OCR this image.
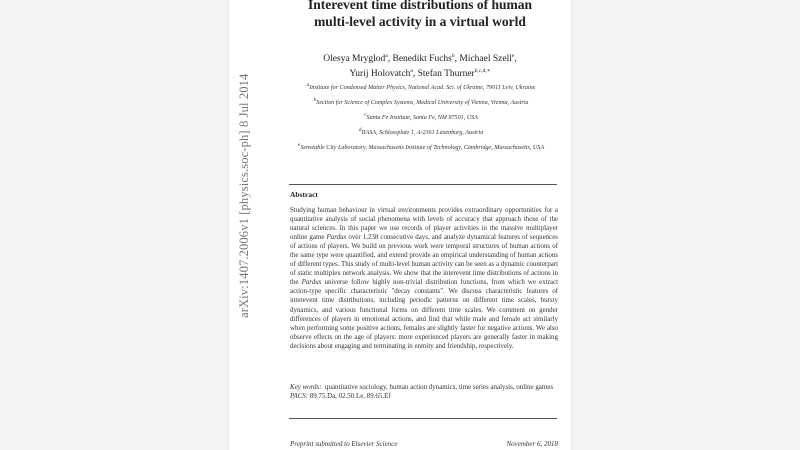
arXiv:1407.2006v1 [physics.soc-ph] 8 Jul 2014
Interevent time distributions of human
multi-level activity in a virtual world
Olesya Mryglod$^a$, Benedikt Fuchs$^b$, Michael Szell$^e$,
Yurij Holovatch$^a$, Stefan Thurner$^{b,c,d,∗}$

$^a$Institute for Condensed Matter Physics, National Acad. Sci. of Ukraine, 79011 Lviv, Ukraine

$^b$Section for Science of Complex Systems, Medical University of Vienna, Vienna, Austria

$^c$Santa Fe Institute, Santa Fe, NM 87501, USA

$^d$IIASA, Schlossplatz 1, A-2361 Laxenburg, Austria

$^e$Senseable City Laboratory, Massachusetts Institute of Technology, Cambridge, Massachusetts, USA

Abstract

Studying human behaviour in virtual environments provides extraordinary opportunities for a quantitative analysis of social phenomena with levels of accuracy that approach those of the natural sciences. In this paper we use records of player activities in the massive multiplayer online game Pardus over 1,238 consecutive days, and analyze dynamical features of sequences of actions of players. We build on previous work were temporal structures of human actions of the same type were quantified, and extend provide an empirical understanding of human actions of different types. This study of multi-level human activity can be seen as a dynamic counterpart of static multiplex network analysis. We show that the interevent time distributions of actions in the Pardus universe follow highly non-trivial distribution functions, from which we extract action-type specific characteristic "decay constants". We discuss characteristic features of interevent time distributions, including periodic patterns on different time scales, bursty dynamics, and various functional forms on different time scales. We comment on gender differences of players in emotional actions, and find that while male and female act similarly when performing some positive actions, females are slightly faster for negative actions. We also observe effects on the age of players: more experienced players are generally faster in making decisions about engaging and terminating in enmity and friendship, respectively.

Key words: quantitative sociology, human action dynamics, time series analysis, online games

PACS: 89.75.Da, 02.50.Le, 89.65.Ef

Preprint submitted to Elsevier Science	November 6, 2018
